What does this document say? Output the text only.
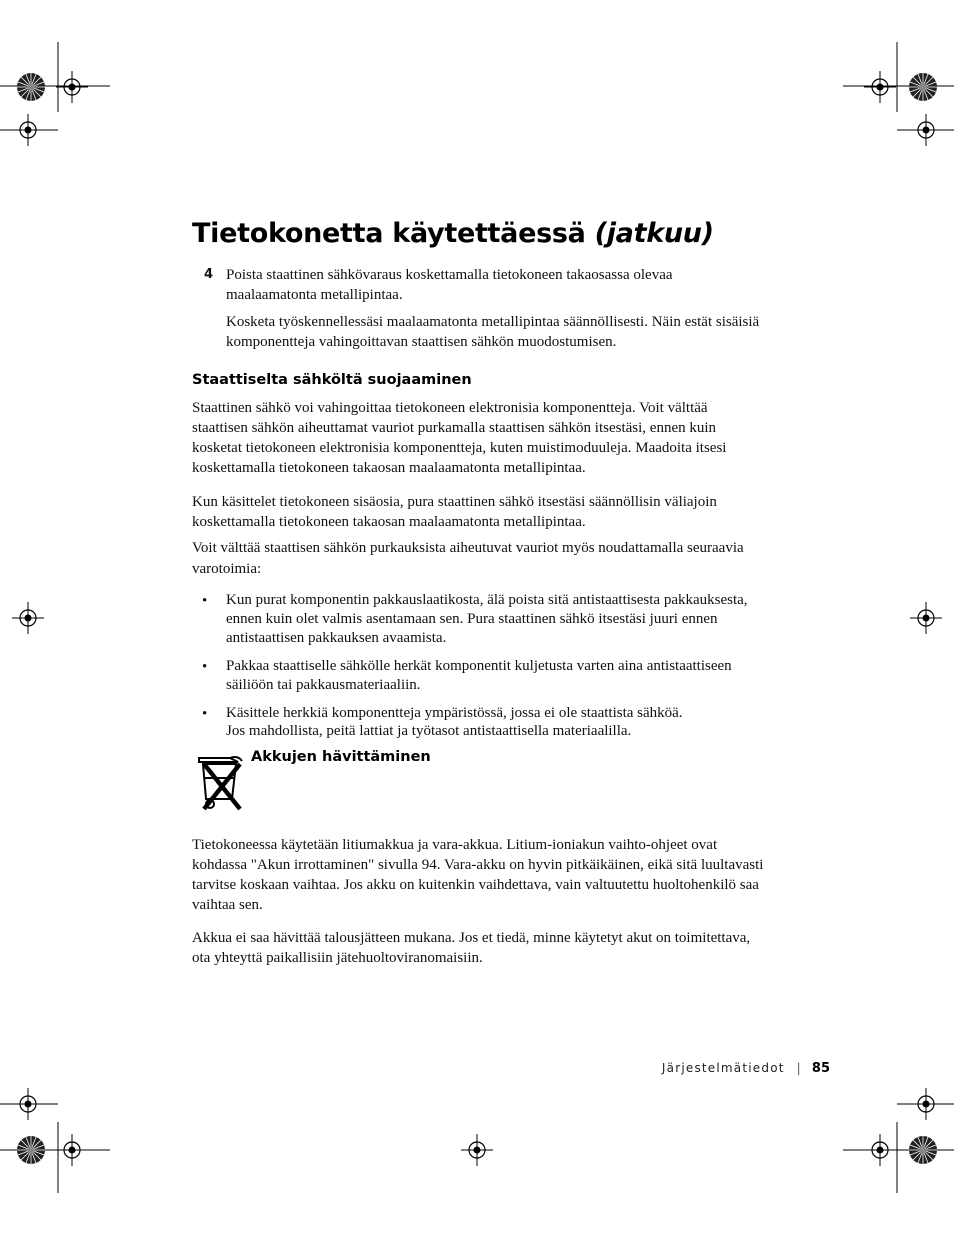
Tietokonetta käytettäessä (jatkuu)
4 Poista staattinen sähkövaraus koskettamalla tietokoneen takaosassa olevaa
maalaamatonta metallipintaa.

Kosketa työskennellessäsi maalaamatonta metallipintaa säännöllisesti. Näin estät sisäisiä
komponentteja vahingoittavan staattisen sähkön muodostumisen.

Staattiselta sähköltä suojaaminen

Staattinen sähkö voi vahingoittaa tietokoneen elektronisia komponentteja. Voit välttää
staattisen sähkön aiheuttamat vauriot purkamalla staattisen sähkön itsestäsi, ennen kuin
kosketat tietokoneen elektronisia komponentteja, kuten muistimoduuleja. Maadoita itsesi
koskettamalla tietokoneen takaosan maalaamatonta metallipintaa.

Kun käsittelet tietokoneen sisäosia, pura staattinen sähkö itsestäsi säännöllisin väliajoin
koskettamalla tietokoneen takaosan maalaamatonta metallipintaa.

Voit välttää staattisen sähkön purkauksista aiheutuvat vauriot myös noudattamalla seuraavia
varotoimia:

• Kun purat komponentin pakkauslaatikosta, älä poista sitä antistaattisesta pakkauksesta,
ennen kuin olet valmis asentamaan sen. Pura staattinen sähkö itsestäsi juuri ennen
antistaattisen pakkauksen avaamista.

• Pakkaa staattiselle sähkölle herkät komponentit kuljetusta varten aina antistaattiseen
säiliöön tai pakkausmateriaaliin.

• Käsittele herkkiä komponentteja ympäristössä, jossa ei ole staattista sähköä.
Jos mahdollista, peitä lattiat ja työtasot antistaattisella materiaalilla.

Akkujen hävittäminen

Tietokoneessa käytetään litiumakkua ja vara-akkua. Litium-ioniakun vaihto-ohjeet ovat
kohdassa "Akun irrottaminen" sivulla 94. Vara-akku on hyvin pitkäikäinen, eikä sitä luultavasti
tarvitse koskaan vaihtaa. Jos akku on kuitenkin vaihdettava, vain valtuutettu huoltohenkilö saa
vaihtaa sen.

Akkua ei saa hävittää talousjätteen mukana. Jos et tiedä, minne käytetyt akut on toimitettava,
ota yhteyttä paikallisiin jätehuoltoviranomaisiin.

Järjestelmätiedot | 85
